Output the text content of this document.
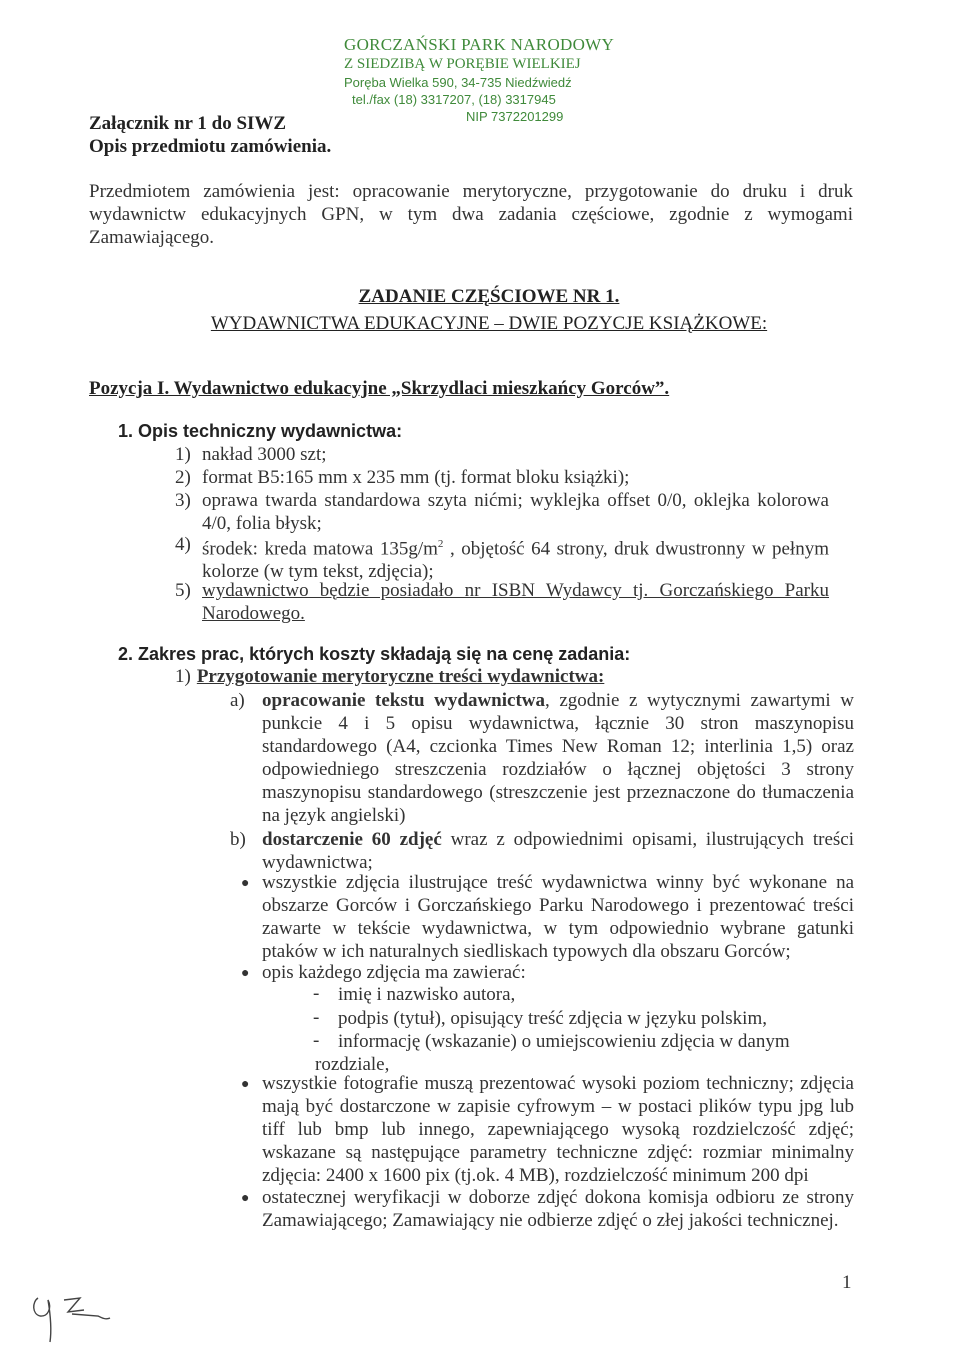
GORCZAŃSKI PARK NARODOWY
Z SIEDZIBĄ W PORĘBIE WIELKIEJ
Poręba Wielka 590, 34-735 Niedźwiedź
tel./fax (18) 3317207, (18) 3317945
NIP 7372201299
Załącznik nr 1 do SIWZ
Opis przedmiotu zamówienia.
Przedmiotem zamówienia jest: opracowanie merytoryczne, przygotowanie do druku i druk wydawnictw edukacyjnych GPN, w tym dwa zadania częściowe, zgodnie z wymogami Zamawiającego.
ZADANIE CZĘŚCIOWE NR 1.
WYDAWNICTWA EDUKACYJNE – DWIE POZYCJE KSIĄŻKOWE:
Pozycja I. Wydawnictwo edukacyjne „Skrzydlaci mieszkańcy Gorców”.
1. Opis techniczny wydawnictwa:
1) nakład 3000 szt;
2) format B5:165 mm x 235 mm (tj. format bloku książki);
3) oprawa twarda standardowa szyta nićmi; wyklejka offset 0/0, oklejka kolorowa 4/0, folia błysk;
4) środek: kreda matowa $135g/m^2$ , objętość 64 strony, druk dwustronny w pełnym kolorze (w tym tekst, zdjęcia);
5) wydawnictwo będzie posiadało nr ISBN Wydawcy tj. Gorczańskiego Parku Narodowego.
2. Zakres prac, których koszty składają się na cenę zadania:
1) Przygotowanie merytoryczne treści wydawnictwa:
a) opracowanie tekstu wydawnictwa, zgodnie z wytycznymi zawartymi w punkcie 4 i 5 opisu wydawnictwa, łącznie 30 stron maszynopisu standardowego (A4, czcionka Times New Roman 12; interlinia 1,5) oraz odpowiedniego streszczenia rozdziałów o łącznej objętości 3 strony maszynopisu standardowego (streszczenie jest przeznaczone do tłumaczenia na język angielski)
b) dostarczenie 60 zdjęć wraz z odpowiednimi opisami, ilustrujących treści wydawnictwa;
● wszystkie zdjęcia ilustrujące treść wydawnictwa winny być wykonane na obszarze Gorców i Gorczańskiego Parku Narodowego i prezentować treści zawarte w tekście wydawnictwa, w tym odpowiednio wybrane gatunki ptaków w ich naturalnych siedliskach typowych dla obszaru Gorców;
● opis każdego zdjęcia ma zawierać:
- imię i nazwisko autora,
- podpis (tytuł), opisujący treść zdjęcia w języku polskim,
- informację (wskazanie) o umiejscowieniu zdjęcia w danym
rozdziale,
● wszystkie fotografie muszą prezentować wysoki poziom techniczny; zdjęcia mają być dostarczone w zapisie cyfrowym – w postaci plików typu jpg lub tiff lub bmp lub innego, zapewniającego wysoką rozdzielczość zdjęć; wskazane są następujące parametry techniczne zdjęć: rozmiar minimalny zdjęcia: 2400 x 1600 pix (tj.ok. 4 MB), rozdzielczość minimum 200 dpi
● ostatecznej weryfikacji w doborze zdjęć dokona komisja odbioru ze strony Zamawiającego; Zamawiający nie odbierze zdjęć o złej jakości technicznej.
1
